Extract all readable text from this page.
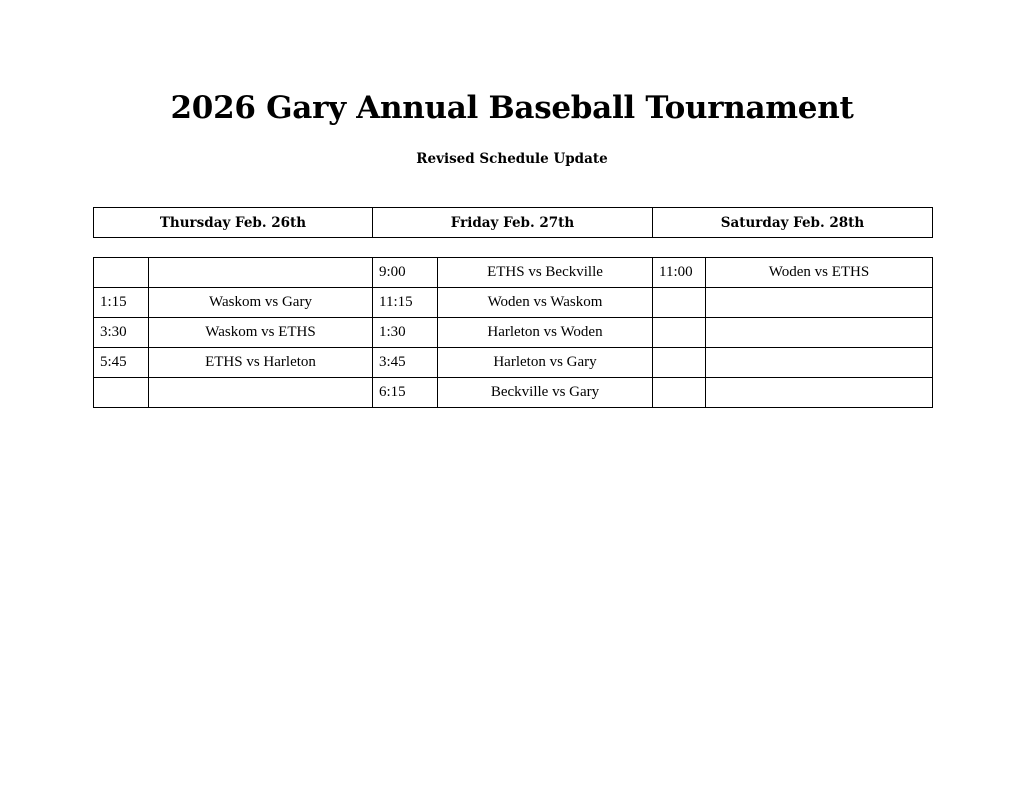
2026 Gary Annual Baseball Tournament
Revised Schedule Update
Thursday Feb. 26th	Friday Feb. 27th	Saturday Feb. 28th
		9:00	ETHS vs Beckville	11:00	Woden vs ETHS
1:15	Waskom vs Gary	11:15	Woden vs Waskom		
3:30	Waskom vs ETHS	1:30	Harleton vs Woden		
5:45	ETHS vs Harleton	3:45	Harleton vs Gary		
		6:15	Beckville vs Gary		
